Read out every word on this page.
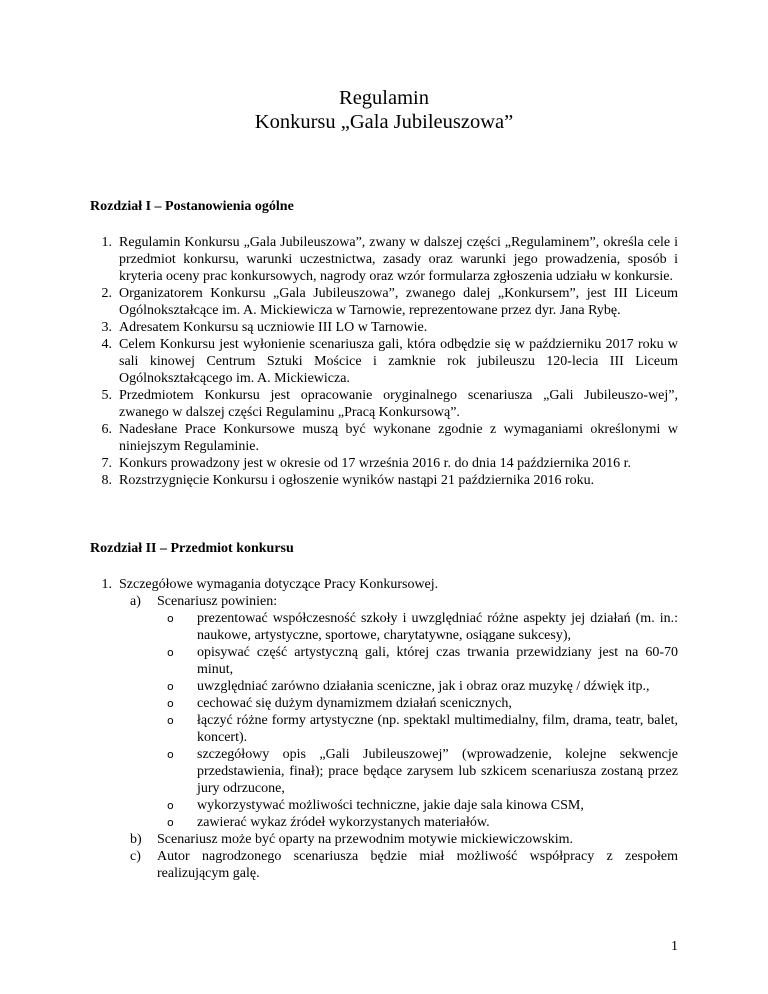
Regulamin
Konkursu „Gala Jubileuszowa”
Rozdział I – Postanowienia ogólne
1. Regulamin Konkursu „Gala Jubileuszowa”, zwany w dalszej części „Regulaminem”, określa cele i przedmiot konkursu, warunki uczestnictwa, zasady oraz warunki jego prowadzenia, sposób i kryteria oceny prac konkursowych, nagrody oraz wzór formularza zgłoszenia udziału w konkursie.
2. Organizatorem Konkursu „Gala Jubileuszowa”, zwanego dalej „Konkursem”, jest III Liceum Ogólnokształcące im. A. Mickiewicza w Tarnowie, reprezentowane przez dyr. Jana Rybę.
3. Adresatem Konkursu są uczniowie III LO w Tarnowie.
4. Celem Konkursu jest wyłonienie scenariusza gali, która odbędzie się w październiku 2017 roku w sali kinowej Centrum Sztuki Mościce i zamknie rok jubileuszu 120-lecia III Liceum Ogólnokształcącego im. A. Mickiewicza.
5. Przedmiotem Konkursu jest opracowanie oryginalnego scenariusza „Gali Jubileuszo-wej”, zwanego w dalszej części Regulaminu „Pracą Konkursową”.
6. Nadesłane Prace Konkursowe muszą być wykonane zgodnie z wymaganiami określonymi w niniejszym Regulaminie.
7. Konkurs prowadzony jest w okresie od 17 września 2016 r. do dnia 14 października 2016 r.
8. Rozstrzygnięcie Konkursu i ogłoszenie wyników nastąpi 21 października 2016 roku.
Rozdział II – Przedmiot konkursu
1. Szczegółowe wymagania dotyczące Pracy Konkursowej.
a) Scenariusz powinien:
o prezentować współczesność szkoły i uwzględniać różne aspekty jej działań (m. in.: naukowe, artystyczne, sportowe, charytatywne, osiągane sukcesy),
o opisywać część artystyczną gali, której czas trwania przewidziany jest na 60-70 minut,
o uwzględniać zarówno działania sceniczne, jak i obraz oraz muzykę / dźwięk itp.,
o cechować się dużym dynamizmem działań scenicznych,
o łączyć różne formy artystyczne (np. spektakl multimedialny, film, drama, teatr, balet, koncert).
o szczegółowy opis „Gali Jubileuszowej” (wprowadzenie, kolejne sekwencje przedstawienia, finał); prace będące zarysem lub szkicem scenariusza zostaną przez jury odrzucone,
o wykorzystywać możliwości techniczne, jakie daje sala kinowa CSM,
o zawierać wykaz źródeł wykorzystanych materiałów.
b) Scenariusz może być oparty na przewodnim motywie mickiewiczowskim.
c) Autor nagrodzonego scenariusza będzie miał możliwość współpracy z zespołem realizującym galę.
1
